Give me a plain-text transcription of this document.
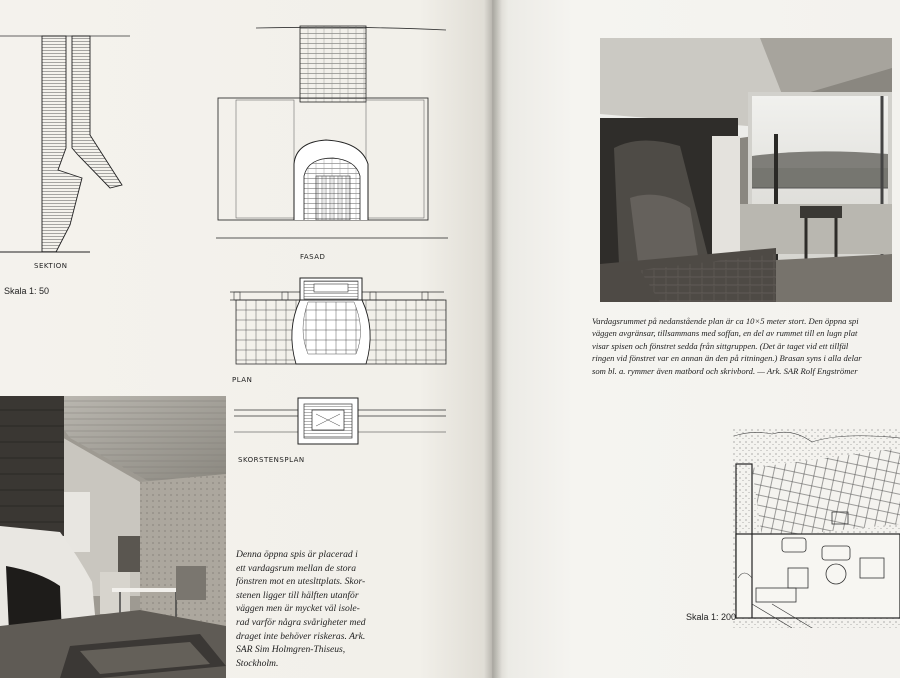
SEKTION
Skala 1: 50
FASAD
PLAN
SKORSTENSPLAN
Denna öppna spis är placerad i
ett vardagsrum mellan de stora
fönstren mot en uteslttplats. Skor-
stenen ligger till hälften utanför
väggen men är mycket väl isole-
rad varför några svårigheter med
draget inte behöver riskeras. Ark.
SAR Sim Holmgren-Thiseus,
Stockholm.
Vardagsrummet på nedanstående plan är ca 10×5 meter stort. Den öppna spi
väggen avgränsar, tillsammans med soffan, en del av rummet till en lugn plat
visar spisen och fönstret sedda från sittgruppen. (Det är taget vid ett tillfäl
ringen vid fönstret var en annan än den på ritningen.) Brasan syns i alla delar
som bl. a. rymmer även matbord och skrivbord. — Ark. SAR Rolf Engströmer
Skala 1: 200
